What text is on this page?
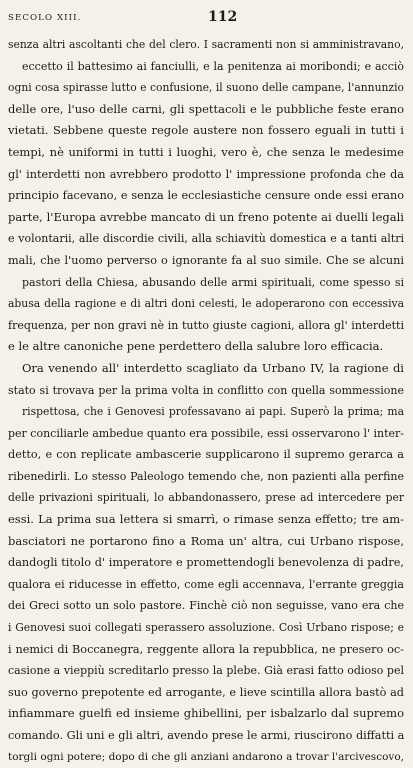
SECOLO XIII.	112
senza altri ascoltanti che del clero. I sacramenti non si amministravano,
eccetto il battesimo ai fanciulli, e la penitenza ai moribondi; e acciò
ogni cosa spirasse lutto e confusione, il suono delle campane, l'annunzio
delle ore, l'uso delle carni, gli spettacoli e le pubbliche feste erano
vietati. Sebbene queste regole austere non fossero eguali in tutti i
tempi, nè uniformi in tutti i luoghi, vero è, che senza le medesime
gl' interdetti non avrebbero prodotto l' impressione profonda che da
principio facevano, e senza le ecclesiastiche censure onde essi erano
parte, l'Europa avrebbe mancato di un freno potente ai duelli legali
e volontarii, alle discordie civili, alla schiavitù domestica e a tanti altri
mali, che l'uomo perverso o ignorante fa al suo simile. Che se alcuni
pastori della Chiesa, abusando delle armi spirituali, come spesso si
abusa della ragione e di altri doni celesti, le adoperarono con eccessiva
frequenza, per non gravi nè in tutto giuste cagioni, allora gl' interdetti
e le altre canoniche pene perdettero della salubre loro efficacia.
Ora venendo all' interdetto scagliato da Urbano IV, la ragione di
stato si trovava per la prima volta in conflitto con quella sommessione
rispettosa, che i Genovesi professavano ai papi. Superò la prima; ma
per conciliarle ambedue quanto era possibile, essi osservarono l' inter-
detto, e con replicate ambascerie supplicarono il supremo gerarca a
ribenedirli. Lo stesso Paleologo temendo che, non pazienti alla perfine
delle privazioni spirituali, lo abbandonassero, prese ad intercedere per
essi. La prima sua lettera si smarrì, o rimase senza effetto; tre am-
basciatori ne portarono fino a Roma un' altra, cui Urbano rispose,
dandogli titolo d' imperatore e promettendogli benevolenza di padre,
qualora ei riducesse in effetto, come egli accennava, l'errante greggia
dei Greci sotto un solo pastore. Finchè ciò non seguisse, vano era che
i Genovesi suoi collegati sperassero assoluzione. Così Urbano rispose; e
i nemici di Boccanegra, reggente allora la repubblica, ne presero oc-
casione a vieppiù screditarlo presso la plebe. Già erasi fatto odioso pel
suo governo prepotente ed arrogante, e lieve scintilla allora bastò ad
infiammare guelfi ed insieme ghibellini, per isbalzarlo dal supremo
comando. Gli uni e gli altri, avendo prese le armi, riuscirono diffatti a
torgli ogni potere; dopo di che gli anziani andarono a trovar l'arcivescovo,
